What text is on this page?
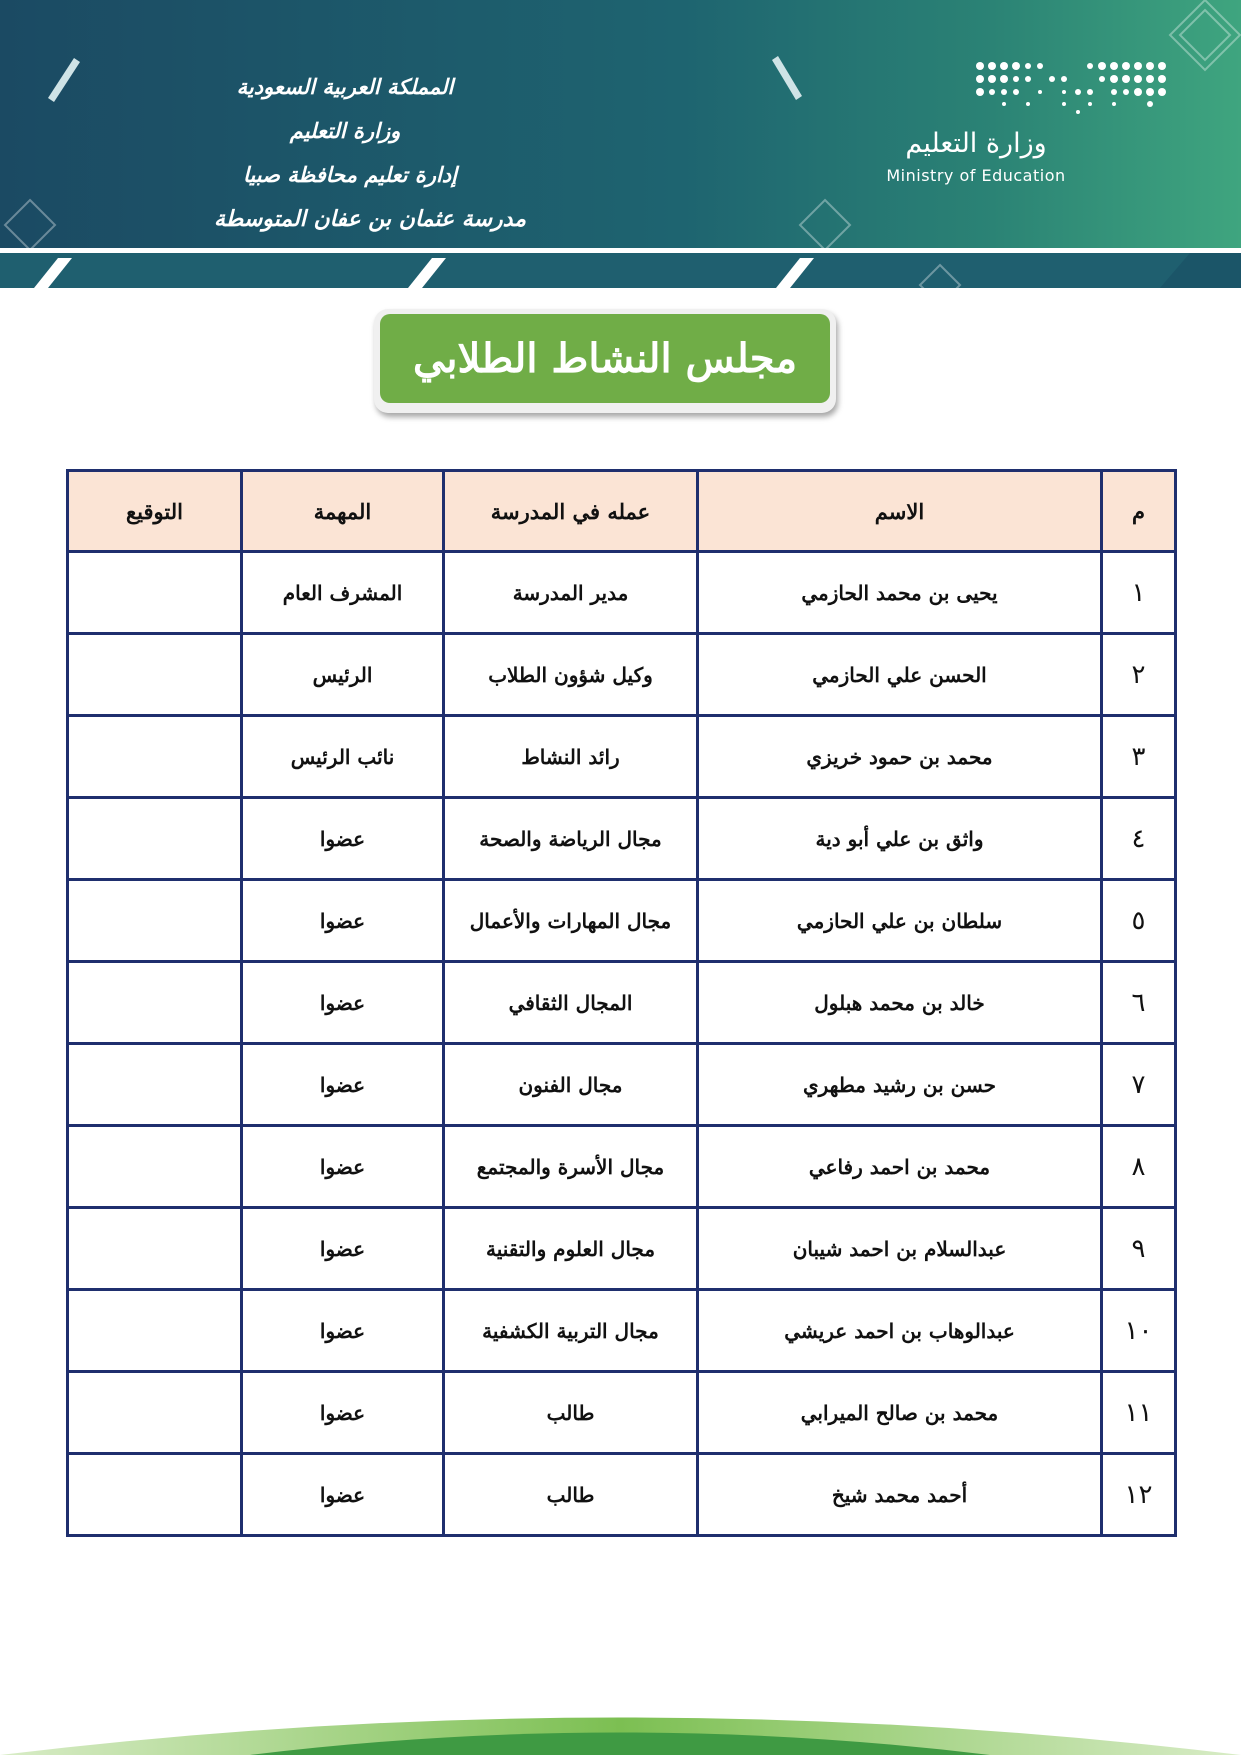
المملكة العربية السعودية
وزارة التعليم
إدارة تعليم محافظة صبيا
مدرسة عثمان بن عفان المتوسطة
وزارة التعليم
Ministry of Education
مجلس النشاط الطلابي
م	الاسم	عمله في المدرسة	المهمة	التوقيع
١	يحيى بن محمد الحازمي	مدير المدرسة	المشرف العام	
٢	الحسن علي الحازمي	وكيل شؤون الطلاب	الرئيس	
٣	محمد بن حمود خريزي	رائد النشاط	نائب الرئيس	
٤	واثق بن علي أبو دية	مجال الرياضة والصحة	عضوا	
٥	سلطان بن علي الحازمي	مجال المهارات والأعمال	عضوا	
٦	خالد بن محمد هبلول	المجال الثقافي	عضوا	
٧	حسن بن رشيد مطهري	مجال الفنون	عضوا	
٨	محمد بن احمد رفاعي	مجال الأسرة والمجتمع	عضوا	
٩	عبدالسلام بن احمد شيبان	مجال العلوم والتقنية	عضوا	
١٠	عبدالوهاب بن احمد عريشي	مجال التربية الكشفية	عضوا	
١١	محمد بن صالح الميرابي	طالب	عضوا	
١٢	أحمد محمد شيخ	طالب	عضوا	
